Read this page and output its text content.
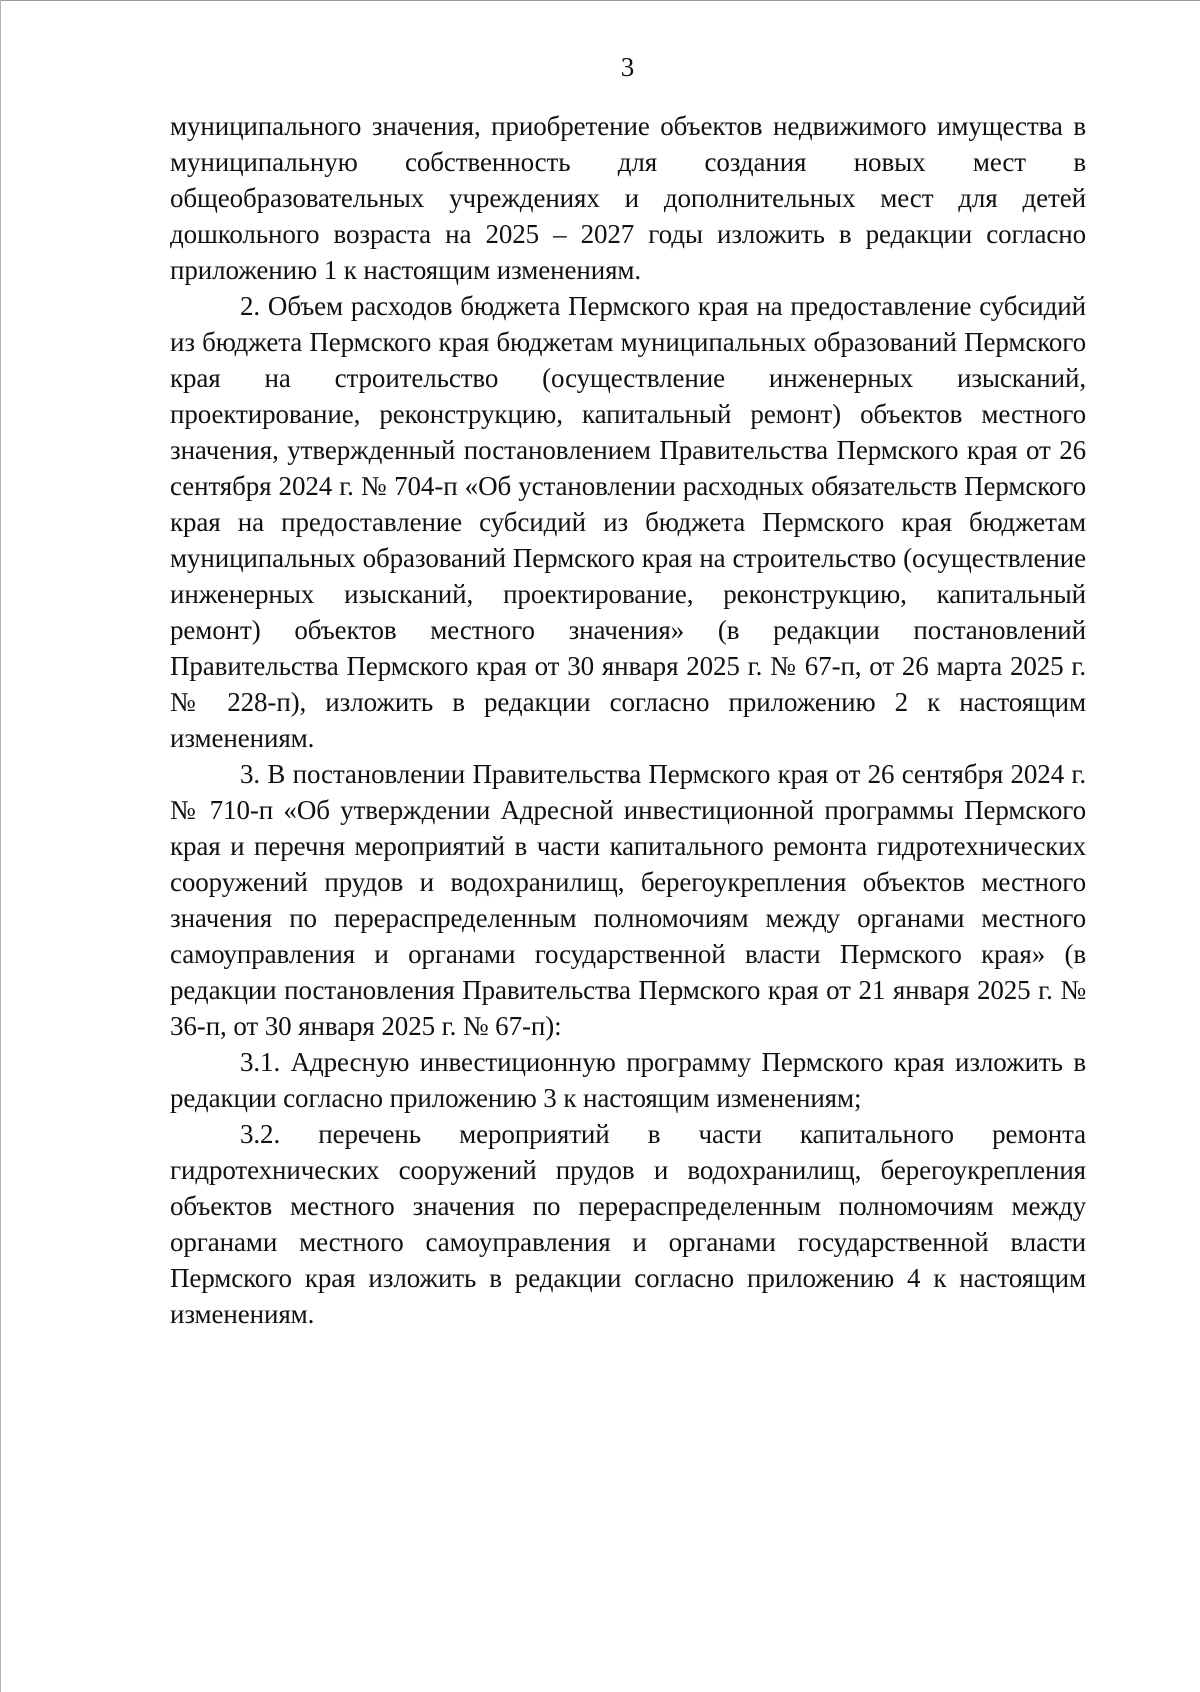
3

муниципального значения, приобретение объектов недвижимого имущества в муниципальную собственность для создания новых мест в общеобразовательных учреждениях и дополнительных мест для детей дошкольного возраста на 2025 – 2027 годы изложить в редакции согласно приложению 1 к настоящим изменениям.

2. Объем расходов бюджета Пермского края на предоставление субсидий из бюджета Пермского края бюджетам муниципальных образований Пермского края на строительство (осуществление инженерных изысканий, проектирование, реконструкцию, капитальный ремонт) объектов местного значения, утвержденный постановлением Правительства Пермского края от 26 сентября 2024 г. № 704-п «Об установлении расходных обязательств Пермского края на предоставление субсидий из бюджета Пермского края бюджетам муниципальных образований Пермского края на строительство (осуществление инженерных изысканий, проектирование, реконструкцию, капитальный ремонт) объектов местного значения» (в редакции постановлений Правительства Пермского края от 30 января 2025 г. № 67-п, от 26 марта 2025 г. № 228-п), изложить в редакции согласно приложению 2 к настоящим изменениям.

3. В постановлении Правительства Пермского края от 26 сентября 2024 г. № 710-п «Об утверждении Адресной инвестиционной программы Пермского края и перечня мероприятий в части капитального ремонта гидротехнических сооружений прудов и водохранилищ, берегоукрепления объектов местного значения по перераспределенным полномочиям между органами местного самоуправления и органами государственной власти Пермского края» (в редакции постановления Правительства Пермского края от 21 января 2025 г. № 36-п, от 30 января 2025 г. № 67-п):

3.1. Адресную инвестиционную программу Пермского края изложить в редакции согласно приложению 3 к настоящим изменениям;

3.2. перечень мероприятий в части капитального ремонта гидротехнических сооружений прудов и водохранилищ, берегоукрепления объектов местного значения по перераспределенным полномочиям между органами местного самоуправления и органами государственной власти Пермского края изложить в редакции согласно приложению 4 к настоящим изменениям.
